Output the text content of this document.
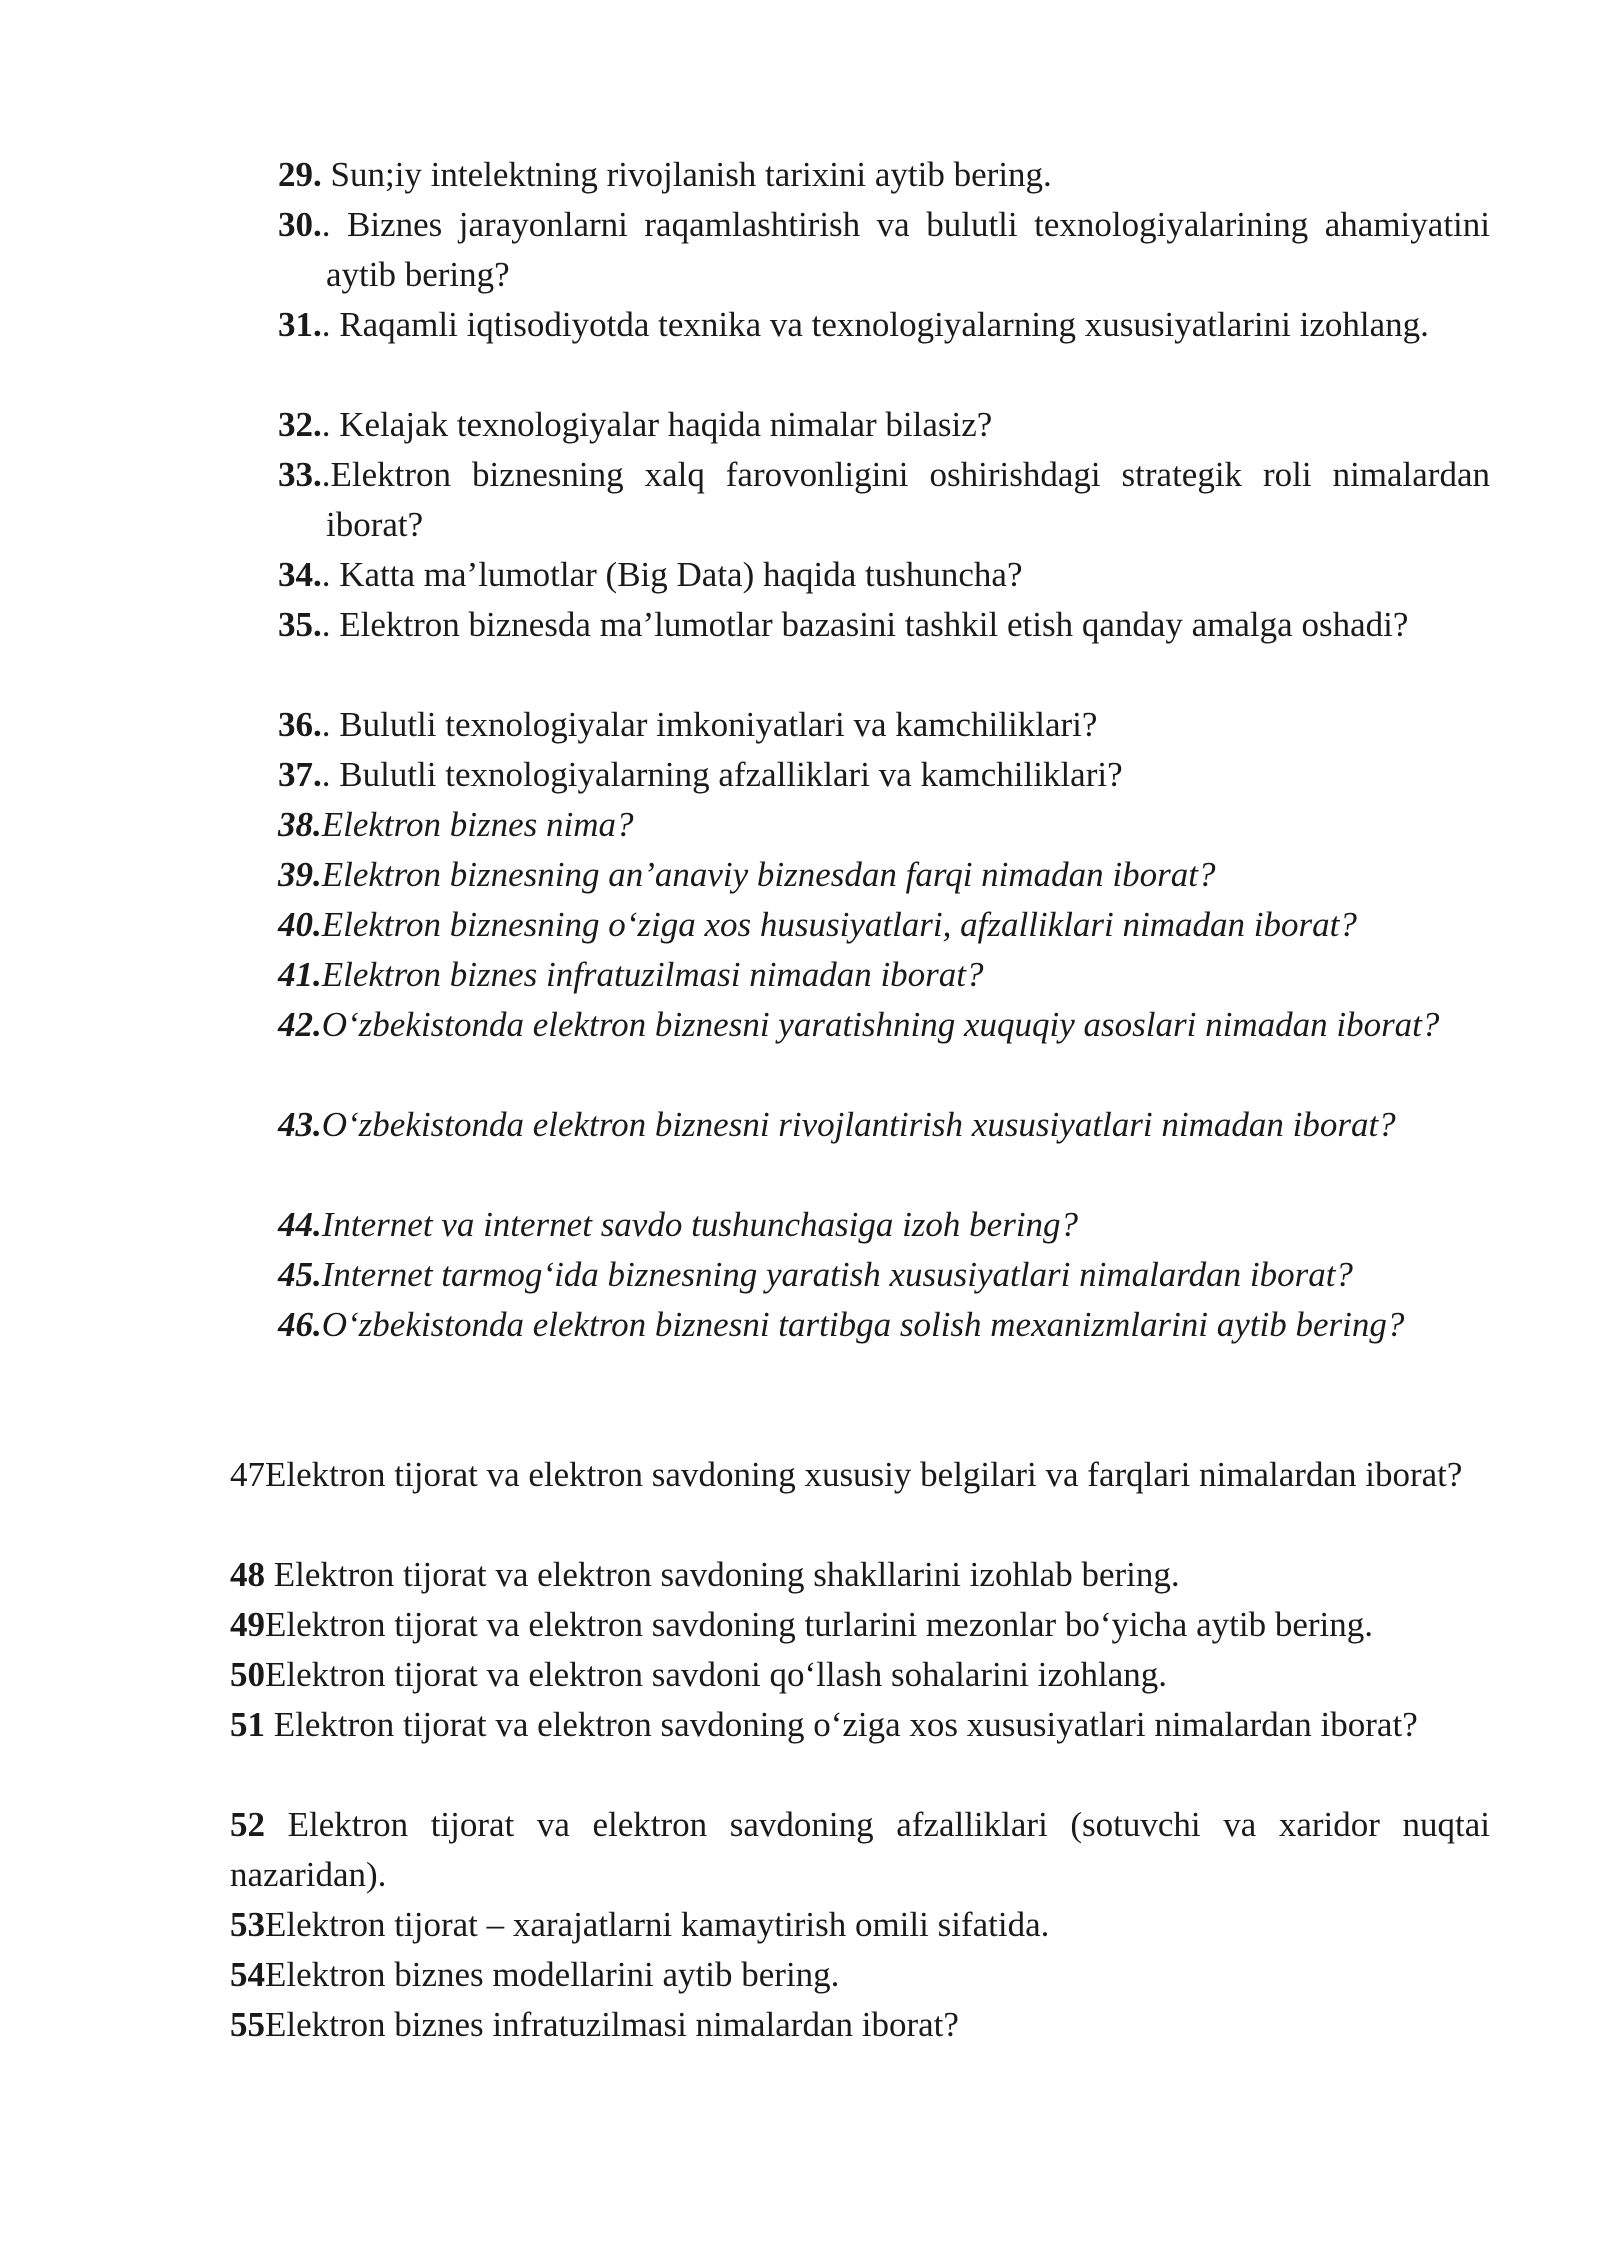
29. Sun;iy intelektning rivojlanish tarixini aytib bering.
30.. Biznes jarayonlarni raqamlashtirish va bulutli texnologiyalarining ahamiyatini aytib bering?
31.. Raqamli iqtisodiyotda texnika va texnologiyalarning xususiyatlarini izohlang.
32.. Kelajak texnologiyalar haqida nimalar bilasiz?
33..Elektron biznesning xalq farovonligini oshirishdagi strategik roli nimalardan iborat?
34.. Katta ma’lumotlar (Big Data) haqida tushuncha?
35.. Elektron biznesda ma’lumotlar bazasini tashkil etish qanday amalga oshadi?
36.. Bulutli texnologiyalar imkoniyatlari va kamchiliklari?
37.. Bulutli texnologiyalarning afzalliklari va kamchiliklari?
38.Elektron biznes nima?
39.Elektron biznesning an’anaviy biznesdan farqi nimadan iborat?
40.Elektron biznesning o‘ziga xos hususiyatlari, afzalliklari nimadan iborat?
41.Elektron biznes infratuzilmasi nimadan iborat?
42.O‘zbekistonda elektron biznesni yaratishning xuquqiy asoslari nimadan iborat?
43.O‘zbekistonda elektron biznesni rivojlantirish xususiyatlari nimadan iborat?
44.Internet va internet savdo tushunchasiga izoh bering?
45.Internet tarmog‘ida biznesning yaratish xususiyatlari nimalardan iborat?
46.O‘zbekistonda elektron biznesni tartibga solish mexanizmlarini aytib bering?
47Elektron tijorat va elektron savdoning xususiy belgilari va farqlari nimalardan iborat?
48 Elektron tijorat va elektron savdoning shakllarini izohlab bering.
49Elektron tijorat va elektron savdoning turlarini mezonlar bo‘yicha aytib bering.
50Elektron tijorat va elektron savdoni qo‘llash sohalarini izohlang.
51 Elektron tijorat va elektron savdoning o‘ziga xos xususiyatlari nimalardan iborat?
52 Elektron tijorat va elektron savdoning afzalliklari (sotuvchi va xaridor nuqtai nazaridan).
53Elektron tijorat – xarajatlarni kamaytirish omili sifatida.
54Elektron biznes modellarini aytib bering.
55Elektron biznes infratuzilmasi nimalardan iborat?
